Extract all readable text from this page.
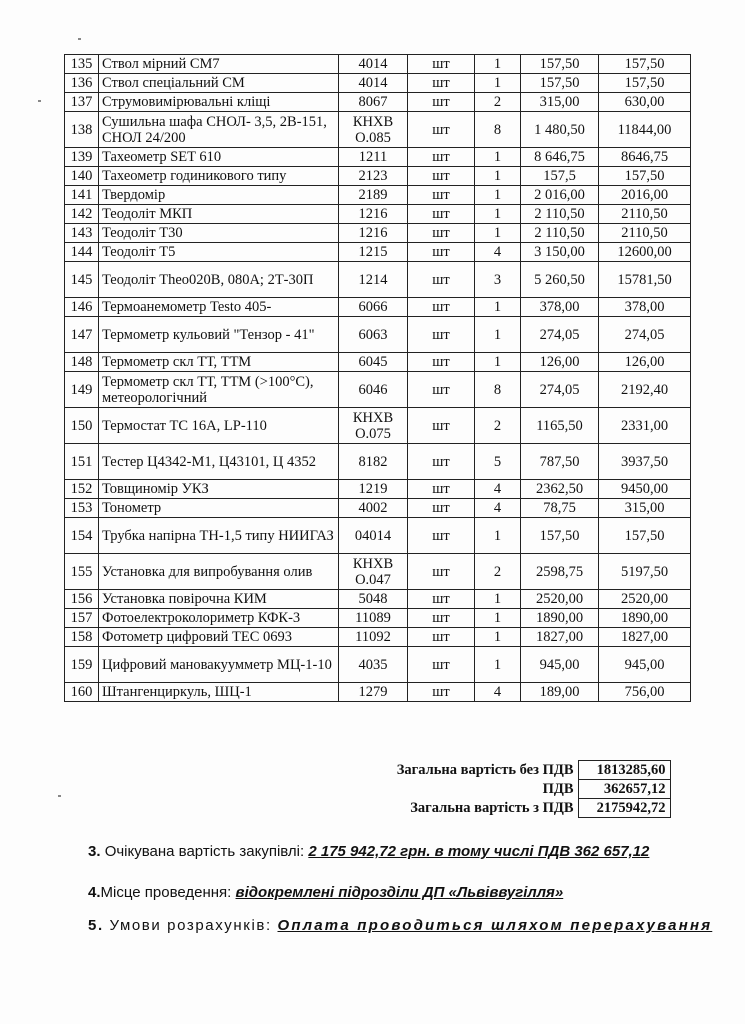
135	Ствол мірний СМ7	4014	шт	1	157,50	157,50
136	Ствол спеціальний СМ	4014	шт	1	157,50	157,50
137	Струмовимірювальні кліщі	8067	шт	2	315,00	630,00
138	Сушильна шафа СНОЛ- 3,5, 2В-151, СНОЛ 24/200	КНХВ О.085	шт	8	1 480,50	11844,00
139	Тахеометр SET 610	1211	шт	1	8 646,75	8646,75
140	Тахеометр годиникового типу	2123	шт	1	157,5	157,50
141	Твердомір	2189	шт	1	2 016,00	2016,00
142	Теодоліт МКП	1216	шт	1	2 110,50	2110,50
143	Теодоліт Т30	1216	шт	1	2 110,50	2110,50
144	Теодоліт Т5	1215	шт	4	3 150,00	12600,00
145	Теодоліт Theo020B, 080A; 2Т-30П	1214	шт	3	5 260,50	15781,50
146	Термоанемометр Testo 405-	6066	шт	1	378,00	378,00
147	Термометр кульовий "Тензор - 41"	6063	шт	1	274,05	274,05
148	Термометр скл ТТ, ТТМ	6045	шт	1	126,00	126,00
149	Термометр скл ТТ, ТТМ (>100°С), метеорологічний	6046	шт	8	274,05	2192,40
150	Термостат ТС 16А, LP-110	КНХВ О.075	шт	2	1165,50	2331,00
151	Тестер Ц4342-М1, Ц43101, Ц 4352	8182	шт	5	787,50	3937,50
152	Товщиномір УКЗ	1219	шт	4	2362,50	9450,00
153	Тонометр	4002	шт	4	78,75	315,00
154	Трубка напірна ТН-1,5 типу НИИГАЗ	04014	шт	1	157,50	157,50
155	Установка для випробування олив	КНХВ О.047	шт	2	2598,75	5197,50
156	Установка повірочна КИМ	5048	шт	1	2520,00	2520,00
157	Фотоелектроколориметр КФК-3	11089	шт	1	1890,00	1890,00
158	Фотометр цифровий ТЕС 0693	11092	шт	1	1827,00	1827,00
159	Цифровий мановакуумметр МЦ-1-10	4035	шт	1	945,00	945,00
160	Штангенциркуль, ШЦ-1	1279	шт	4	189,00	756,00
Загальна вартість без ПДВ	1813285,60
ПДВ	362657,12
Загальна вартість з ПДВ	2175942,72
3. Очікувана вартість закупівлі: 2 175 942,72 грн. в тому числі ПДВ 362 657,12
4.Місце проведення: відокремлені підрозділи ДП «Львіввугілля»
5. Умови розрахунків: Оплата проводиться шляхом перерахування
